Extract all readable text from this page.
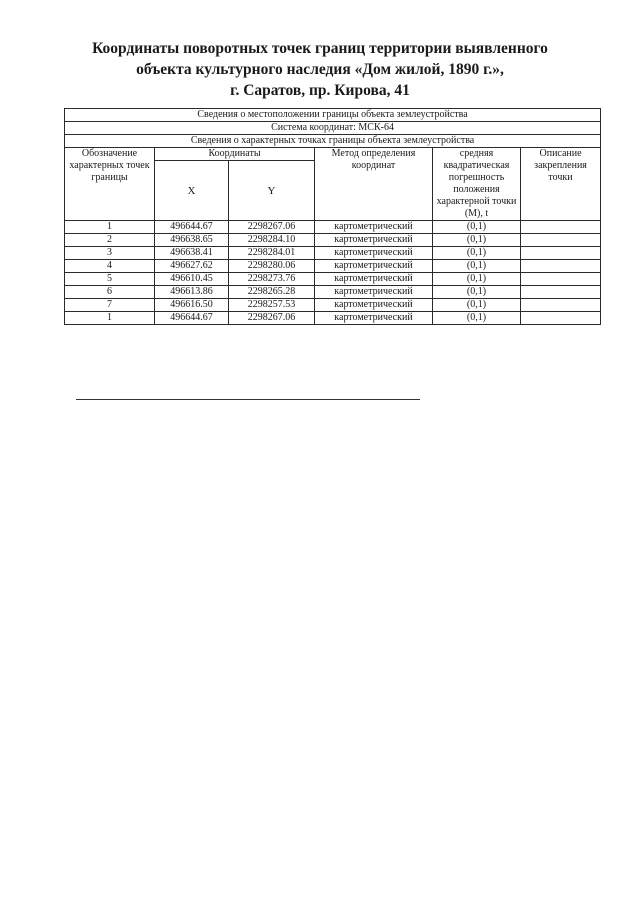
Координаты поворотных точек границ территории выявленного
объекта культурного наследия «Дом жилой, 1890 г.»,
г. Саратов, пр. Кирова, 41
Сведения о местоположении границы объекта землеустройства					
Система координат: МСК-64					
Сведения о характерных точках границы объекта землеустройства					
Обозначение характерных точек границы	Координаты		Метод определения координат	средняя квадратическая погрешность положения характерной точки (М), t	Описание закрепления точки
	X	Y			
1	496644.67	2298267.06	картометрический	(0,1)	
2	496638.65	2298284.10	картометрический	(0,1)	
3	496638.41	2298284.01	картометрический	(0,1)	
4	496627.62	2298280.06	картометрический	(0,1)	
5	496610.45	2298273.76	картометрический	(0,1)	
6	496613.86	2298265.28	картометрический	(0,1)	
7	496616.50	2298257.53	картометрический	(0,1)	
1	496644.67	2298267.06	картометрический	(0,1)	
